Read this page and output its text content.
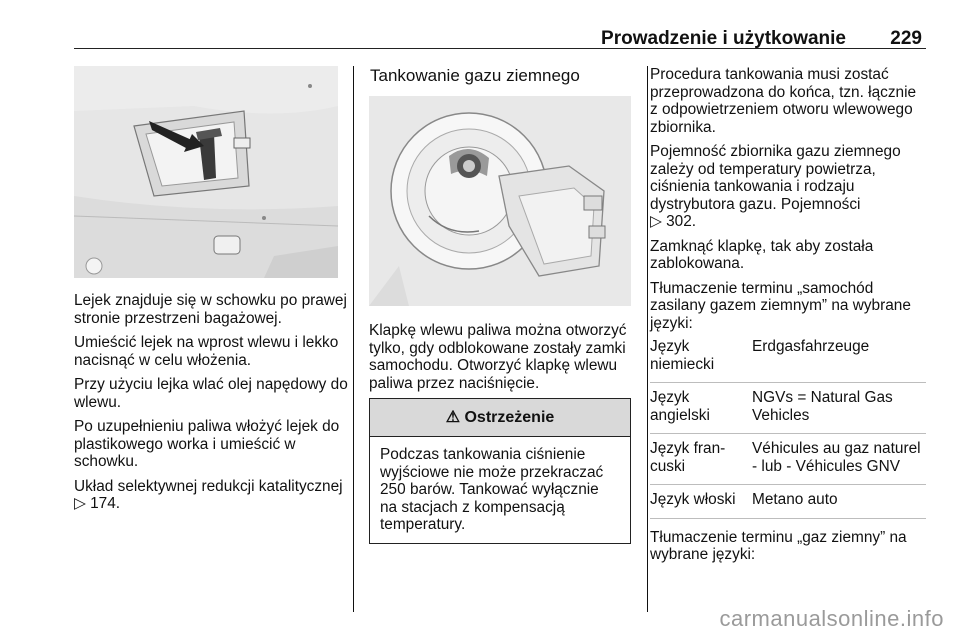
Prowadzenie i użytkowanie 229

Lejek znajduje się w schowku po prawej stronie przestrzeni bagażowej.

Umieścić lejek na wprost wlewu i lekko nacisnąć w celu włożenia.

Przy użyciu lejka wlać olej napędowy do wlewu.

Po uzupełnieniu paliwa włożyć lejek do plastikowego worka i umieścić w schowku.

Układ selektywnej redukcji katalitycznej ▷ 174.

Tankowanie gazu ziemnego

Klapkę wlewu paliwa można otworzyć tylko, gdy odblokowane zostały zamki samochodu. Otworzyć klapkę wlewu paliwa przez naciśnięcie.

⚠ Ostrzeżenie
Podczas tankowania ciśnienie wyjściowe nie może przekraczać 250 barów. Tankować wyłącznie na stacjach z kompensacją temperatury.

Procedura tankowania musi zostać przeprowadzona do końca, tzn. łącznie z odpowietrzeniem otworu wlewowego zbiornika.

Pojemność zbiornika gazu ziemnego zależy od temperatury powietrza, ciśnienia tankowania i rodzaju dystrybutora gazu. Pojemności
▷ 302.

Zamknąć klapkę, tak aby została zablokowana.

Tłumaczenie terminu „samochód zasilany gazem ziemnym” na wybrane języki:

Język niemiecki	Erdgasfahrzeuge
Język angielski	NGVs = Natural Gas Vehicles
Język fran-cuski	Véhicules au gaz naturel - lub - Véhicules GNV
Język włoski	Metano auto

Tłumaczenie terminu „gaz ziemny” na wybrane języki:

carmanualsonline.info
